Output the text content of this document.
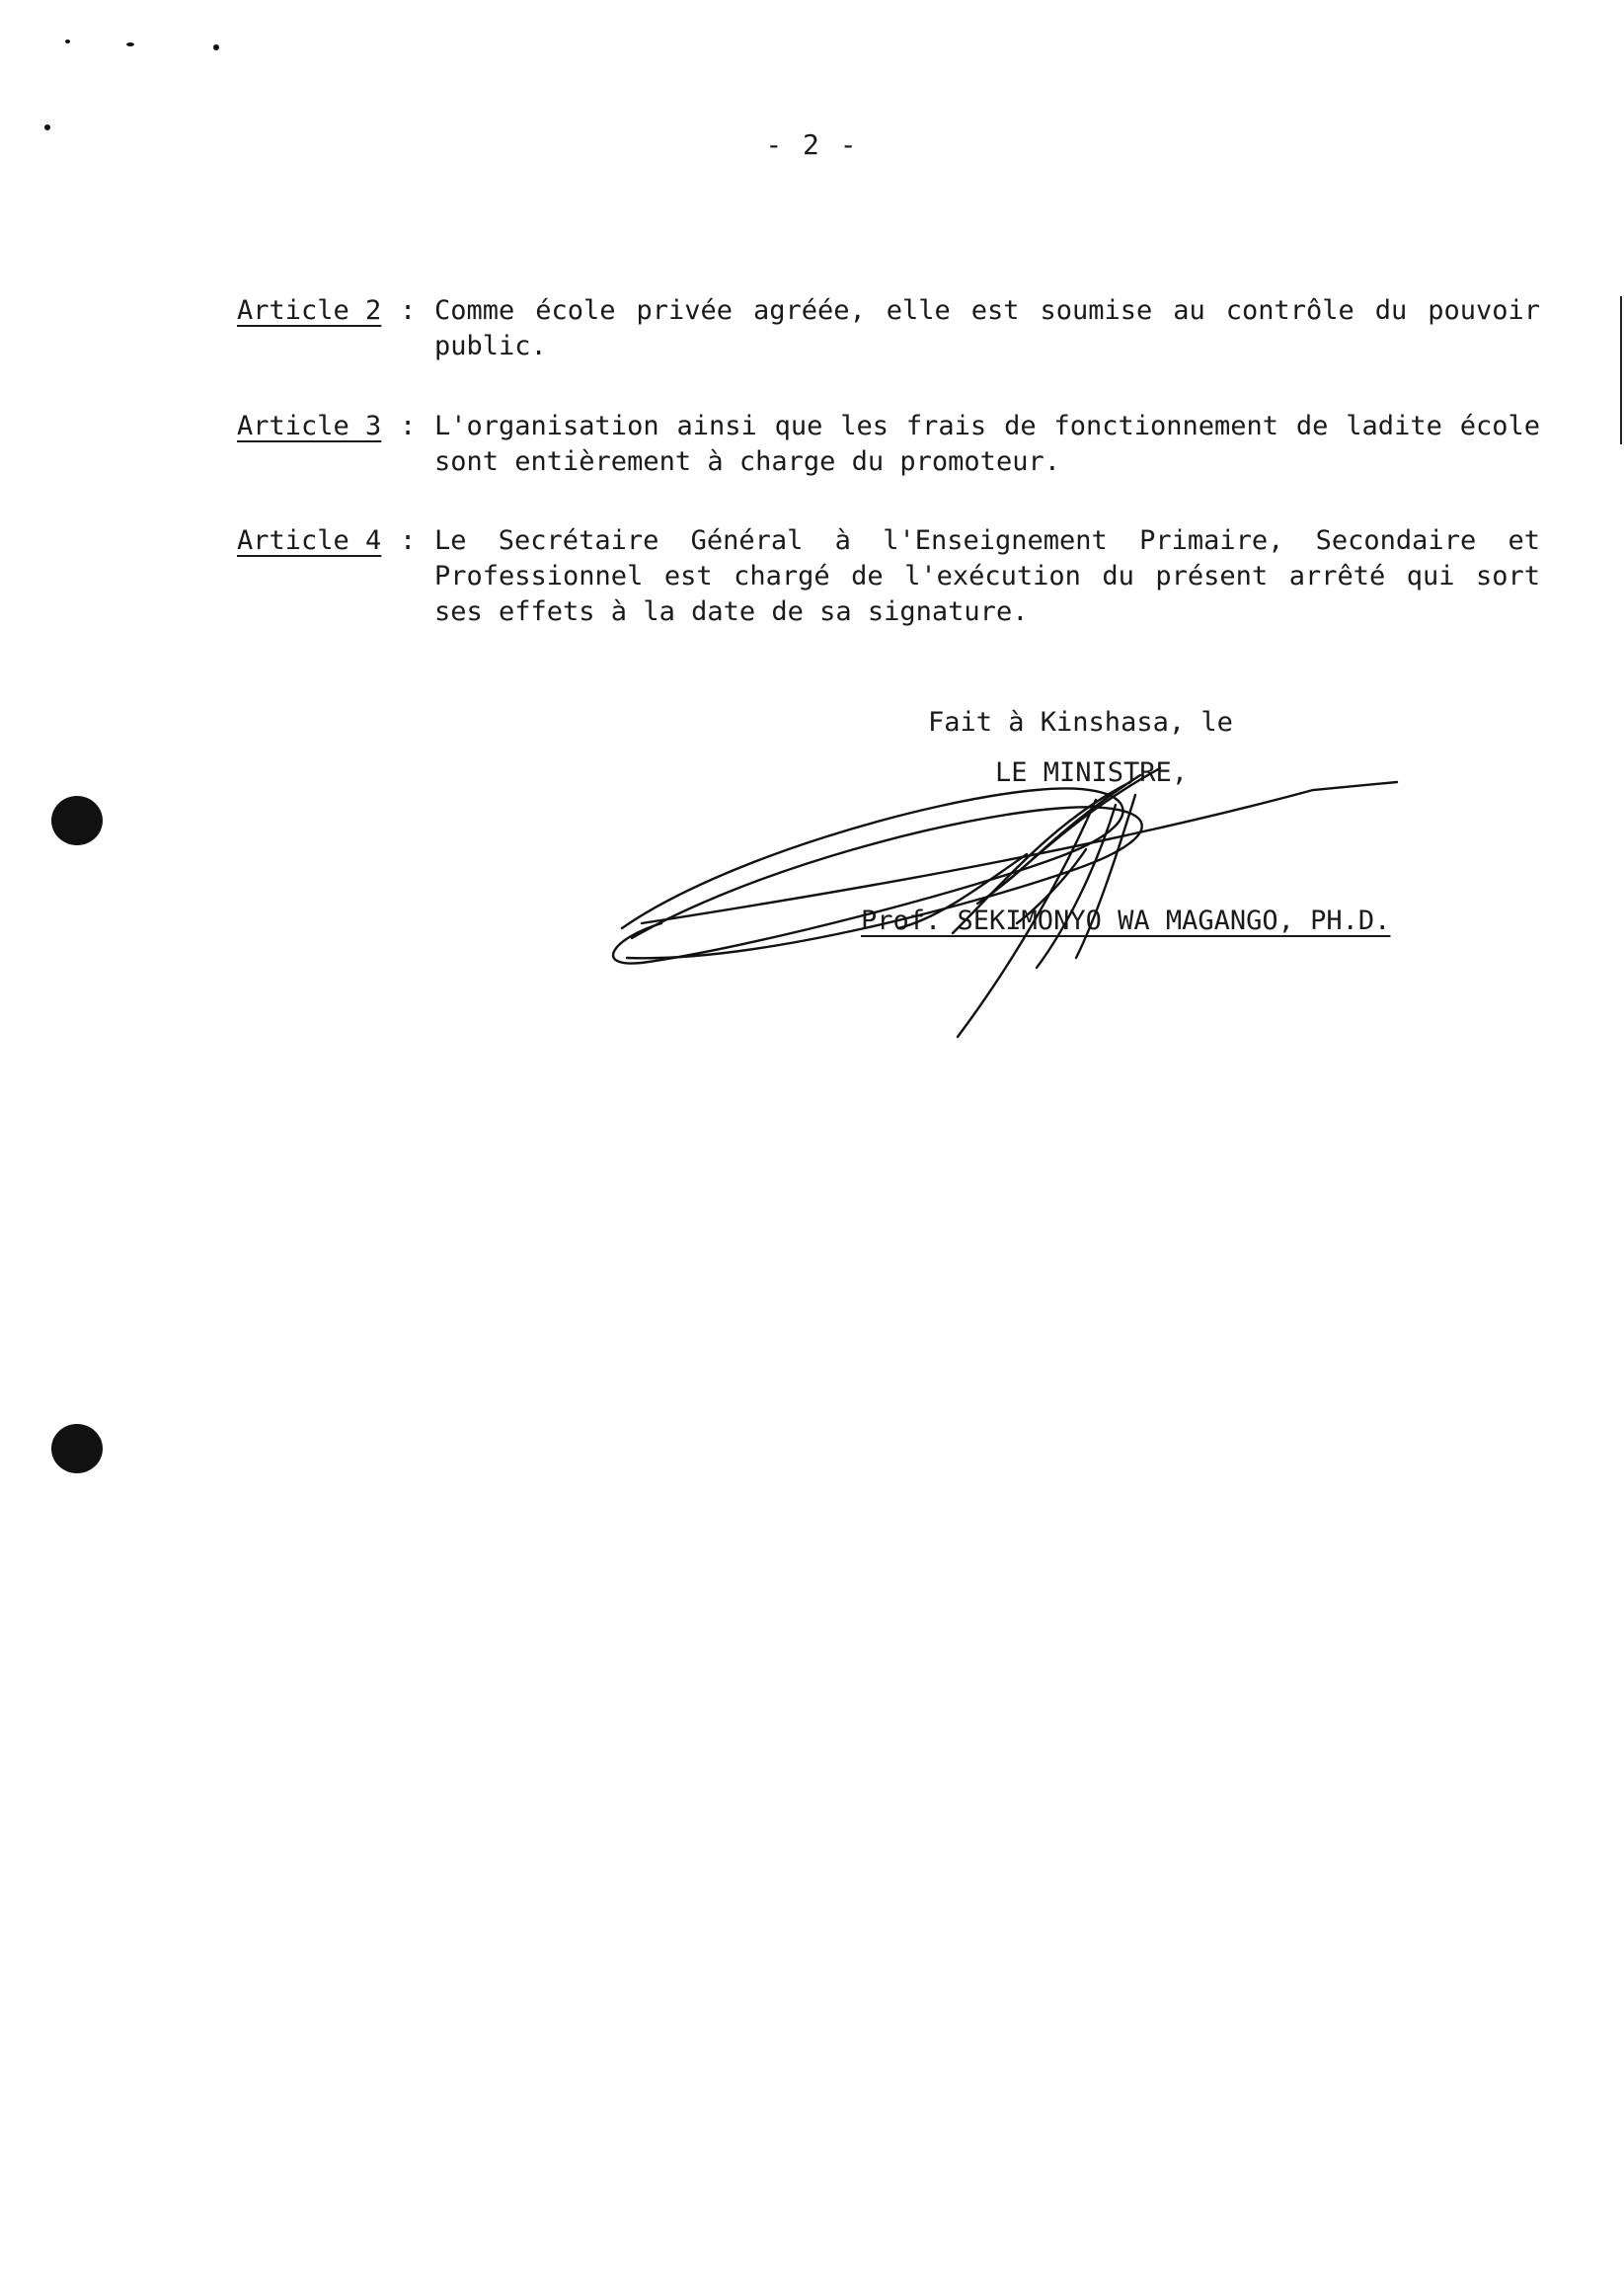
- 2 -
Article 2 : Comme école privée agréée, elle est soumise au contrôle du pouvoir public.
Article 3 : L'organisation ainsi que les frais de fonctionnement de ladite école sont entièrement à charge du promoteur.
Article 4 : Le Secrétaire Général à l'Enseignement Primaire, Secondaire et Professionnel est chargé de l'exécution du présent arrêté qui sort ses effets à la date de sa signature.
Fait à Kinshasa, le
LE MINISTRE,
Prof. SEKIMONYO WA MAGANGO, PH.D.
